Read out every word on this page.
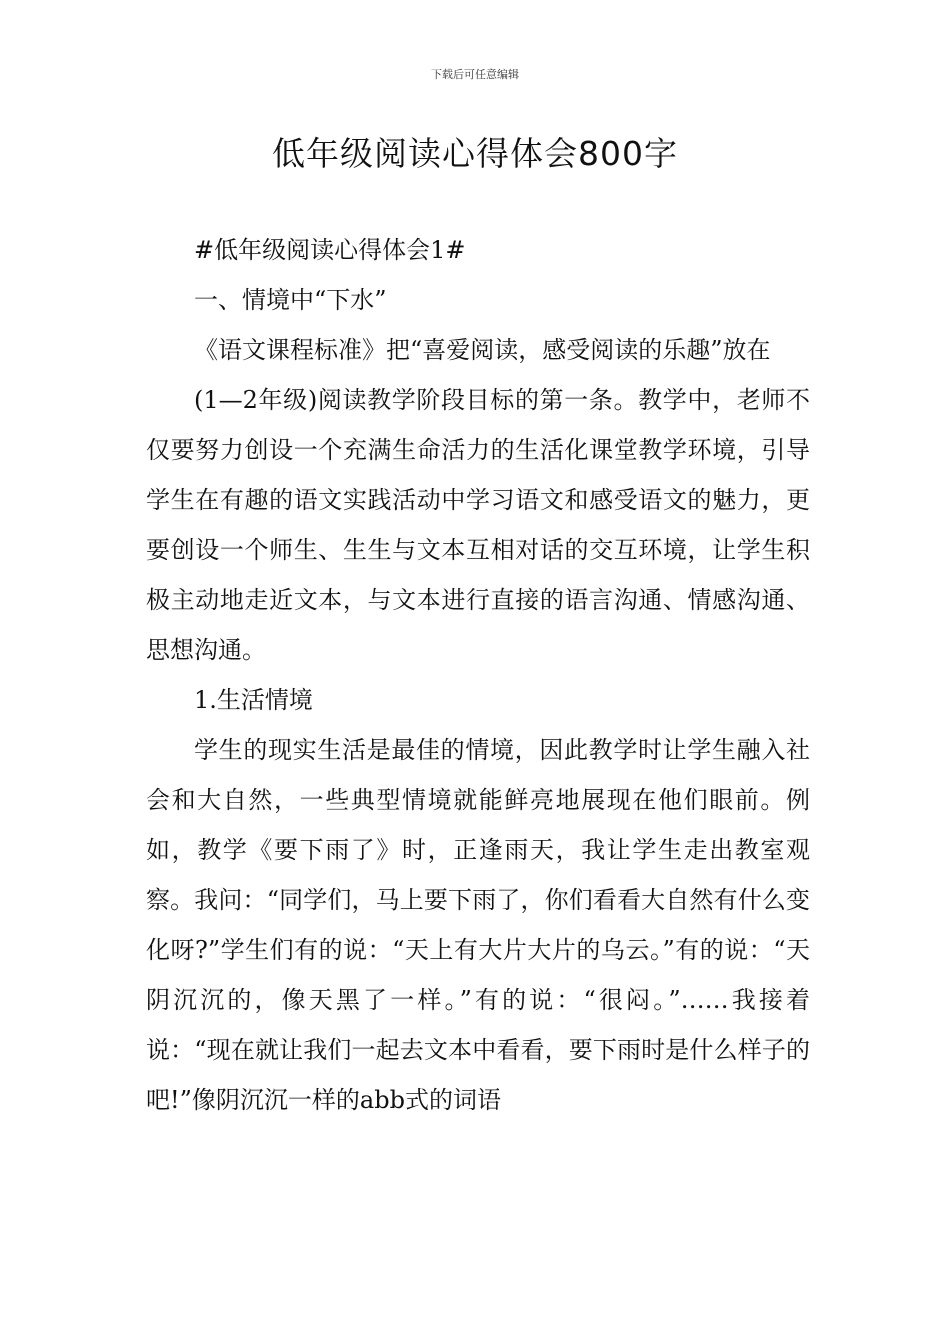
下载后可任意编辑
低年级阅读心得体会800字
#低年级阅读心得体会1#
一、情境中“下水”

《语文课程标准》把“喜爱阅读，感受阅读的乐趣”放在

(1—2年级)阅读教学阶段目标的第一条。教学中，老师不仅要努力创设一个充满生命活力的生活化课堂教学环境，引导学生在有趣的语文实践活动中学习语文和感受语文的魅力，更要创设一个师生、生生与文本互相对话的交互环境，让学生积极主动地走近文本，与文本进行直接的语言沟通、情感沟通、思想沟通。

1.生活情境

学生的现实生活是最佳的情境，因此教学时让学生融入社会和大自然，一些典型情境就能鲜亮地展现在他们眼前。例如，教学《要下雨了》时，正逢雨天，我让学生走出教室观察。我问：“同学们，马上要下雨了，你们看看大自然有什么变化呀?”学生们有的说：“天上有大片大片的乌云。”有的说：“天阴沉沉的，像天黑了一样。”有的说：“很闷。”……我接着说：“现在就让我们一起去文本中看看，要下雨时是什么样子的吧!”像阴沉沉一样的abb式的词语
